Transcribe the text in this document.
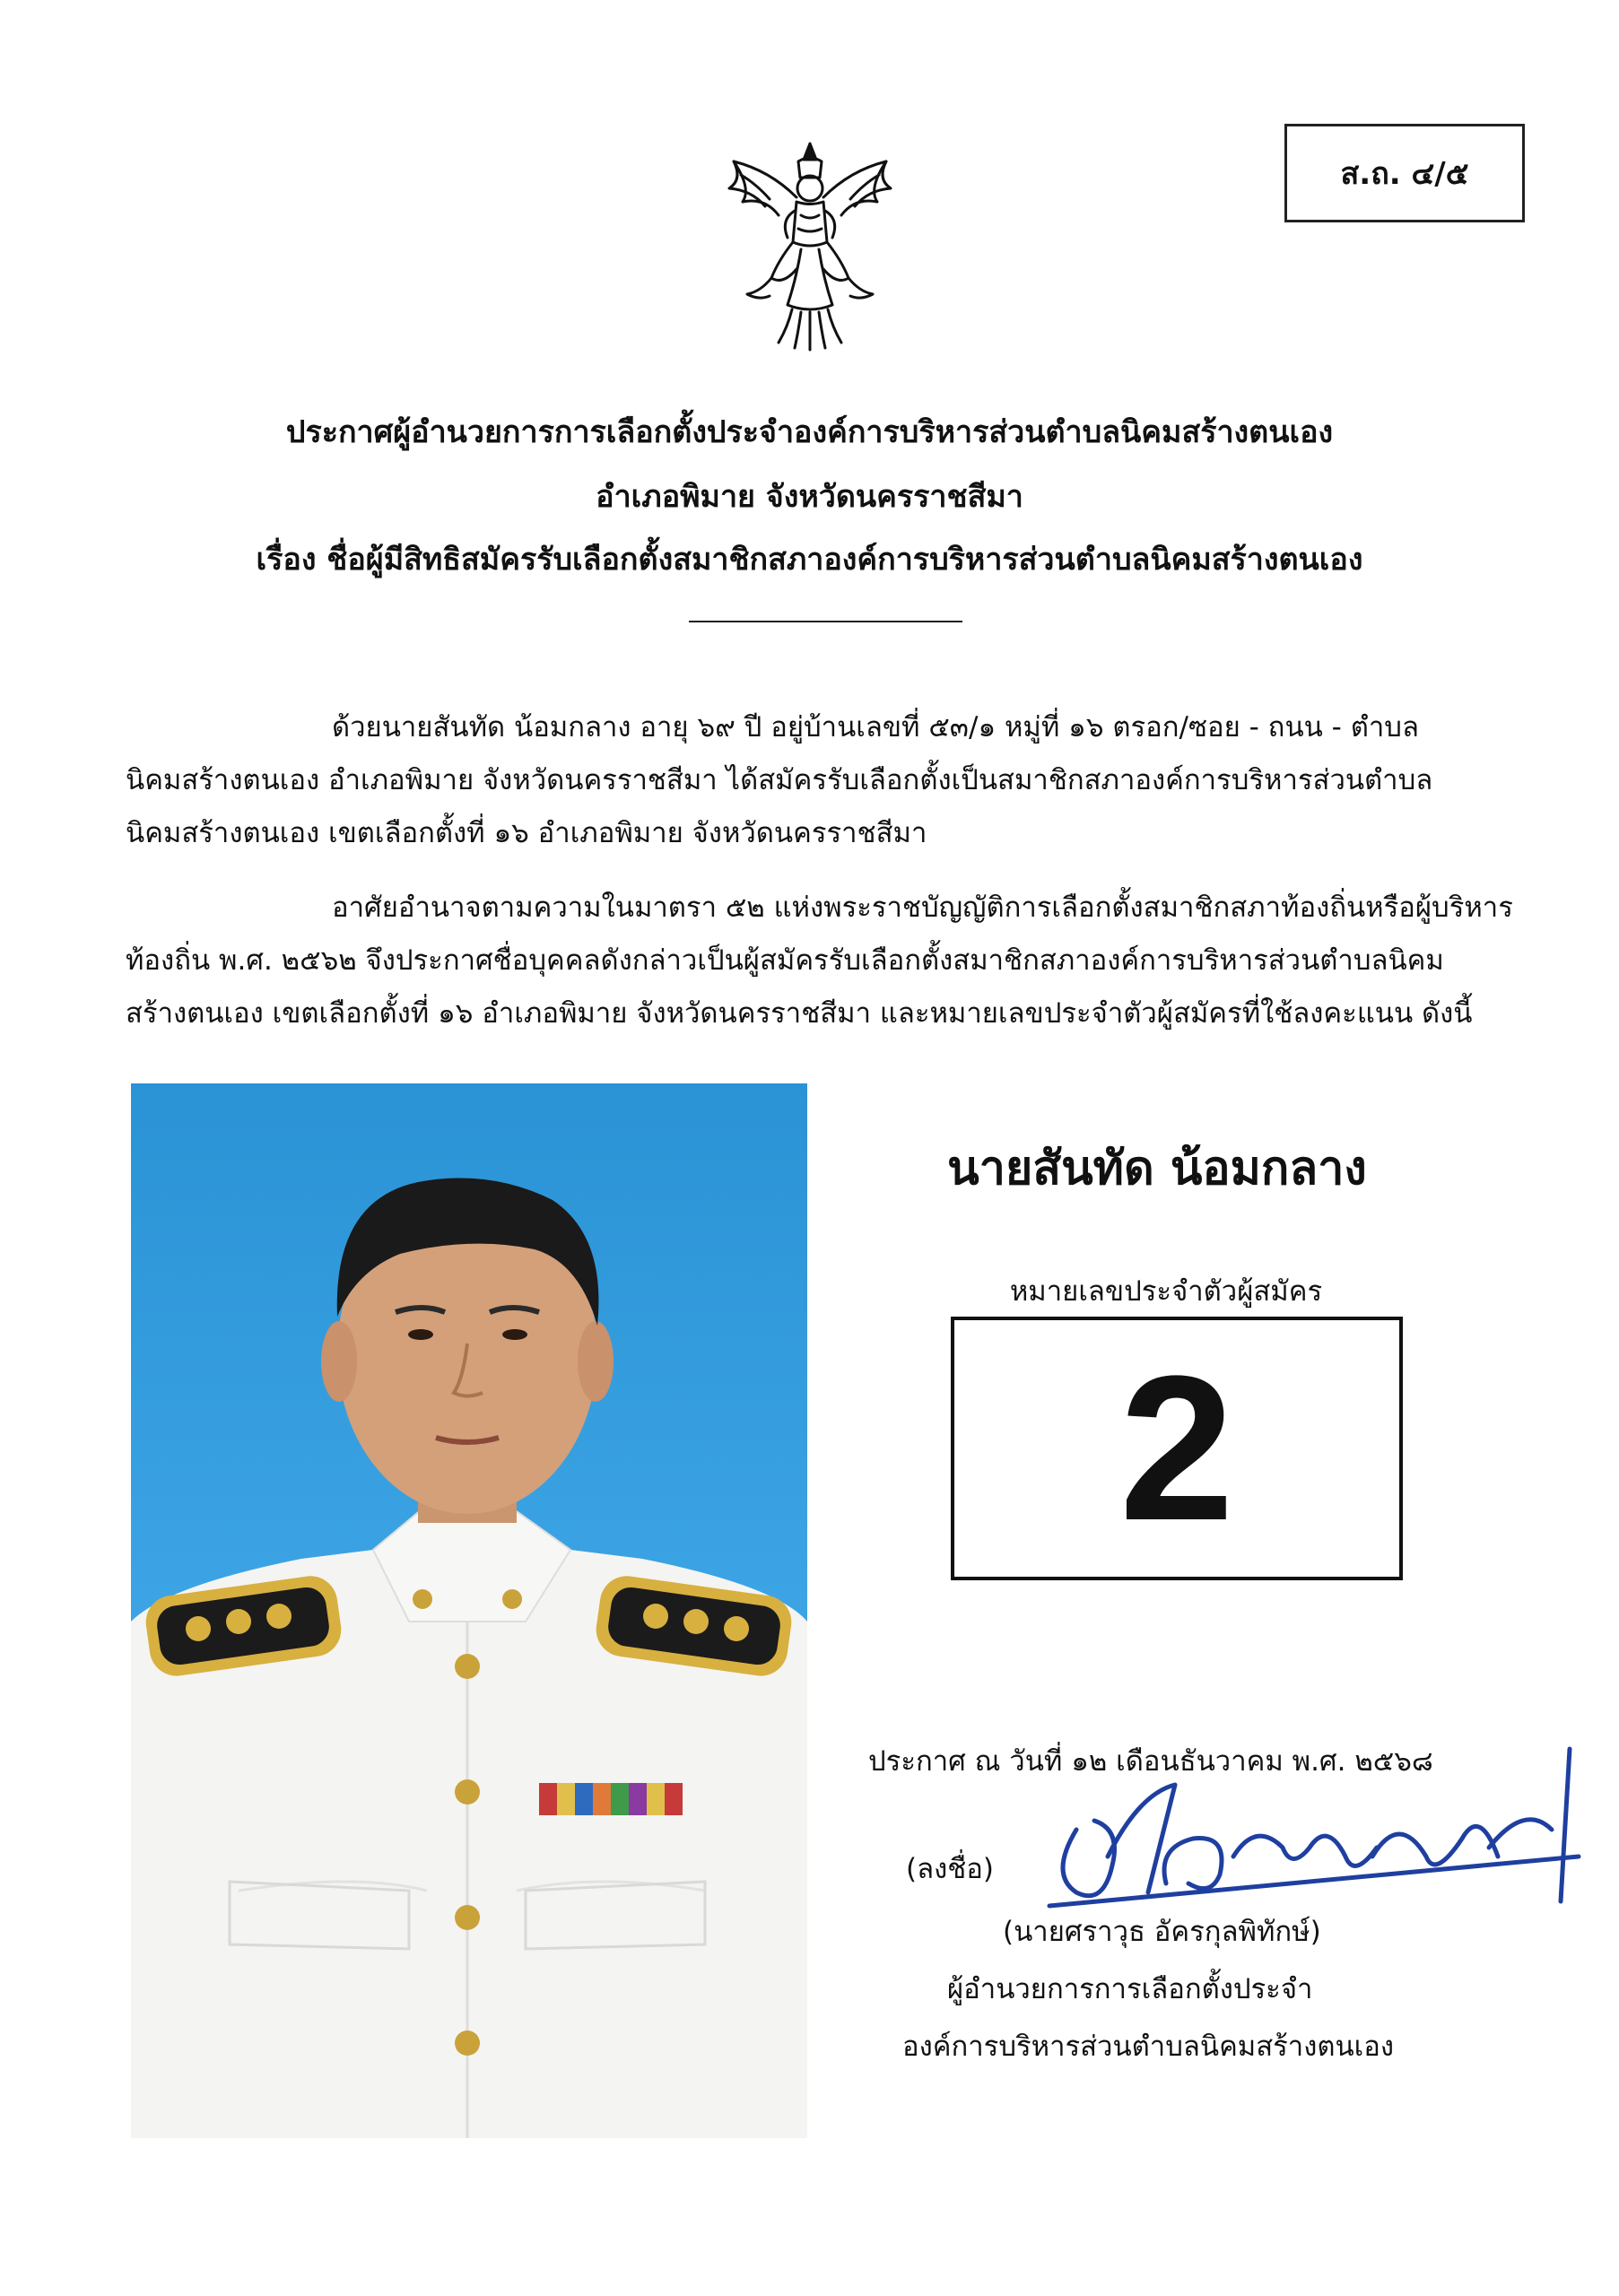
ส.ถ. ๔/๕
ประกาศผู้อำนวยการการเลือกตั้งประจำองค์การบริหารส่วนตำบลนิคมสร้างตนเอง
อำเภอพิมาย จังหวัดนครราชสีมา
เรื่อง ชื่อผู้มีสิทธิสมัครรับเลือกตั้งสมาชิกสภาองค์การบริหารส่วนตำบลนิคมสร้างตนเอง
ด้วยนายสันทัด น้อมกลาง อายุ ๖๙ ปี อยู่บ้านเลขที่ ๕๓/๑ หมู่ที่ ๑๖ ตรอก/ซอย - ถนน - ตำบล
นิคมสร้างตนเอง อำเภอพิมาย จังหวัดนครราชสีมา ได้สมัครรับเลือกตั้งเป็นสมาชิกสภาองค์การบริหารส่วนตำบล
นิคมสร้างตนเอง เขตเลือกตั้งที่ ๑๖ อำเภอพิมาย จังหวัดนครราชสีมา
อาศัยอำนาจตามความในมาตรา ๕๒ แห่งพระราชบัญญัติการเลือกตั้งสมาชิกสภาท้องถิ่นหรือผู้บริหาร
ท้องถิ่น พ.ศ. ๒๕๖๒ จึงประกาศชื่อบุคคลดังกล่าวเป็นผู้สมัครรับเลือกตั้งสมาชิกสภาองค์การบริหารส่วนตำบลนิคม
สร้างตนเอง เขตเลือกตั้งที่ ๑๖ อำเภอพิมาย จังหวัดนครราชสีมา และหมายเลขประจำตัวผู้สมัครที่ใช้ลงคะแนน ดังนี้
นายสันทัด น้อมกลาง
หมายเลขประจำตัวผู้สมัคร
2
ประกาศ ณ วันที่ ๑๒ เดือนธันวาคม พ.ศ. ๒๕๖๘
(ลงชื่อ)
(นายศราวุธ อัครกุลพิทักษ์)
ผู้อำนวยการการเลือกตั้งประจำ
องค์การบริหารส่วนตำบลนิคมสร้างตนเอง
